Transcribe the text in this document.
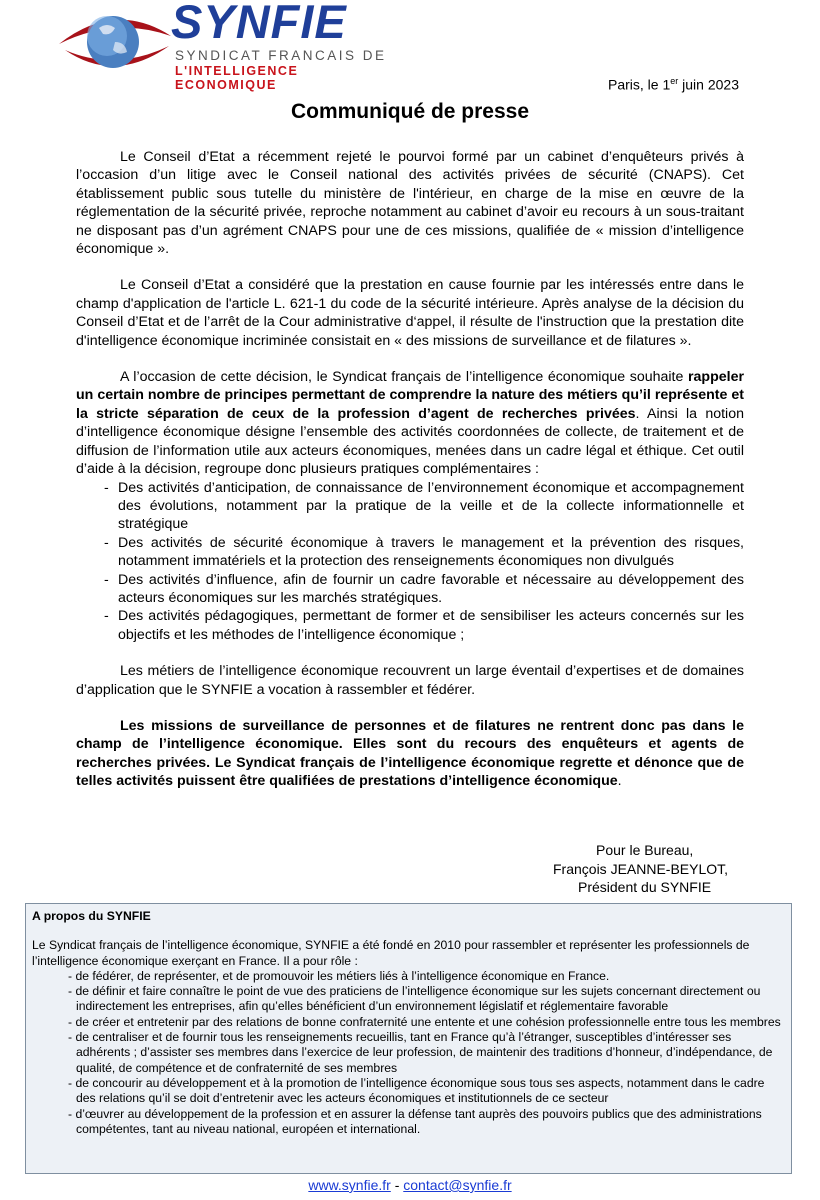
SYNFIE
SYNDICAT FRANCAIS DE
L'INTELLIGENCE ECONOMIQUE	Paris, le 1er juin 2023
Communiqué de presse

Le Conseil d’Etat a récemment rejeté le pourvoi formé par un cabinet d’enquêteurs privés à l’occasion d’un litige avec le Conseil national des activités privées de sécurité (CNAPS). Cet établissement public sous tutelle du ministère de l'intérieur, en charge de la mise en œuvre de la réglementation de la sécurité privée, reproche notamment au cabinet d’avoir eu recours à un sous-traitant ne disposant pas d’un agrément CNAPS pour une de ces missions, qualifiée de « mission d’intelligence économique ».

Le Conseil d’Etat a considéré que la prestation en cause fournie par les intéressés entre dans le champ d'application de l'article L. 621-1 du code de la sécurité intérieure. Après analyse de la décision du Conseil d’Etat et de l’arrêt de la Cour administrative d‘appel, il résulte de l'instruction que la prestation dite d'intelligence économique incriminée consistait en « des missions de surveillance et de filatures ».

A l’occasion de cette décision, le Syndicat français de l’intelligence économique souhaite rappeler un certain nombre de principes permettant de comprendre la nature des métiers qu’il représente et la stricte séparation de ceux de la profession d’agent de recherches privées. Ainsi la notion d’intelligence économique désigne l’ensemble des activités coordonnées de collecte, de traitement et de diffusion de l’information utile aux acteurs économiques, menées dans un cadre légal et éthique. Cet outil d’aide à la décision, regroupe donc plusieurs pratiques complémentaires :

- Des activités d’anticipation, de connaissance de l’environnement économique et accompagnement des évolutions, notamment par la pratique de la veille et de la collecte informationnelle et stratégique
- Des activités de sécurité économique à travers le management et la prévention des risques, notamment immatériels et la protection des renseignements économiques non divulgués
- Des activités d’influence, afin de fournir un cadre favorable et nécessaire au développement des acteurs économiques sur les marchés stratégiques.
- Des activités pédagogiques, permettant de former et de sensibiliser les acteurs concernés sur les objectifs et les méthodes de l’intelligence économique ;

Les métiers de l’intelligence économique recouvrent un large éventail d’expertises et de domaines d’application que le SYNFIE a vocation à rassembler et fédérer.

Les missions de surveillance de personnes et de filatures ne rentrent donc pas dans le champ de l’intelligence économique. Elles sont du recours des enquêteurs et agents de recherches privées. Le Syndicat français de l’intelligence économique regrette et dénonce que de telles activités puissent être qualifiées de prestations d’intelligence économique.

Pour le Bureau,
François JEANNE-BEYLOT,
Président du SYNFIE
A propos du SYNFIE
Le Syndicat français de l’intelligence économique, SYNFIE a été fondé en 2010 pour rassembler et représenter les professionnels de l’intelligence économique exerçant en France. Il a pour rôle :
- de fédérer, de représenter, et de promouvoir les métiers liés à l’intelligence économique en France.
- de définir et faire connaître le point de vue des praticiens de l’intelligence économique sur les sujets concernant directement ou indirectement les entreprises, afin qu’elles bénéficient d’un environnement législatif et réglementaire favorable
- de créer et entretenir par des relations de bonne confraternité une entente et une cohésion professionnelle entre tous les membres
- de centraliser et de fournir tous les renseignements recueillis, tant en France qu’à l’étranger, susceptibles d’intéresser ses adhérents ; d’assister ses membres dans l’exercice de leur profession, de maintenir des traditions d’honneur, d’indépendance, de qualité, de compétence et de confraternité de ses membres
- de concourir au développement et à la promotion de l’intelligence économique sous tous ses aspects, notamment dans le cadre des relations qu’il se doit d’entretenir avec les acteurs économiques et institutionnels de ce secteur
- d’œuvrer au développement de la profession et en assurer la défense tant auprès des pouvoirs publics que des administrations compétentes, tant au niveau national, européen et international.
www.synfie.fr - contact@synfie.fr
